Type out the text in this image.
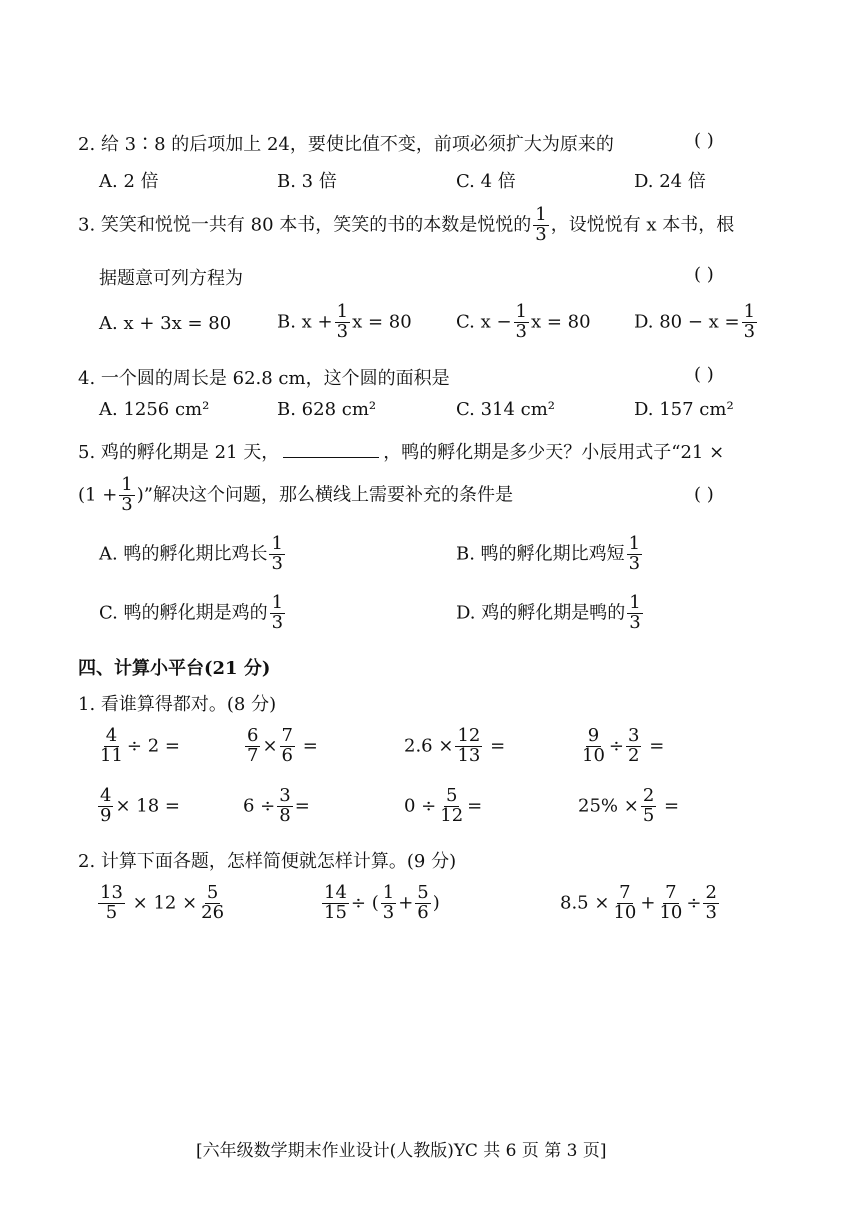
2. 给 3∶8 的后项加上 24，要使比值不变，前项必须扩大为原来的	( )
A. 2 倍	B. 3 倍	C. 4 倍	D. 24 倍
3. 笑笑和悦悦一共有 80 本书，笑笑的书的本数是悦悦的 $\frac{1}{3}$ ，设悦悦有 x 本书，根
据题意可列方程为	( )
A. x + 3x = 80	B. $x + \frac{1}{3}$ x = 80 C. $x - \frac{1}{3}$ x = 80 D. $80 - x = \frac{1}{3}$
4. 一个圆的周长是 62.8 cm，这个圆的面积是	( )
A. 1256 cm²	B. 628 cm²	C. 314 cm²	D. 157 cm²
5. 鸡的孵化期是 21 天，	，鸭的孵化期是多少天？小辰用式子“21 ×
($1 + \frac{1}{3}$ )”解决这个问题，那么横线上需要补充的条件是	( )
A. 鸭的孵化期比鸡长 $\frac{1}{3}$	B. 鸭的孵化期比鸡短 $\frac{1}{3}$
C. 鸭的孵化期是鸡的 $\frac{1}{3}$	D. 鸡的孵化期是鸭的 $\frac{1}{3}$
四、计算小平台(21 分)
1. 看谁算得都对。(8 分)
$\frac{4}{11} \div 2$ =	$\frac{6}{7} \times \frac{7}{6}$ =	$2.6 \times \frac{12}{13}$ =	$\frac{9}{10} \div \frac{3}{2}$ =
$\frac{4}{9} \times 18$ =	$6 \div \frac{3}{8}$ =	$0 \div \frac{5}{12}$ =	$25\% \times \frac{2}{5}$ =
2. 计算下面各题，怎样简便就怎样计算。(9 分)
$\frac{13}{5} \times 12 \times \frac{5}{26}$	$\frac{14}{15}$ ÷ ( $\frac{1}{3} + \frac{5}{6}$ )	$8.5 \times \frac{7}{10} + \frac{7}{10} \div \frac{2}{3}$
[六年级数学期末作业设计(人教版)YC 共 6 页 第 3 页]
